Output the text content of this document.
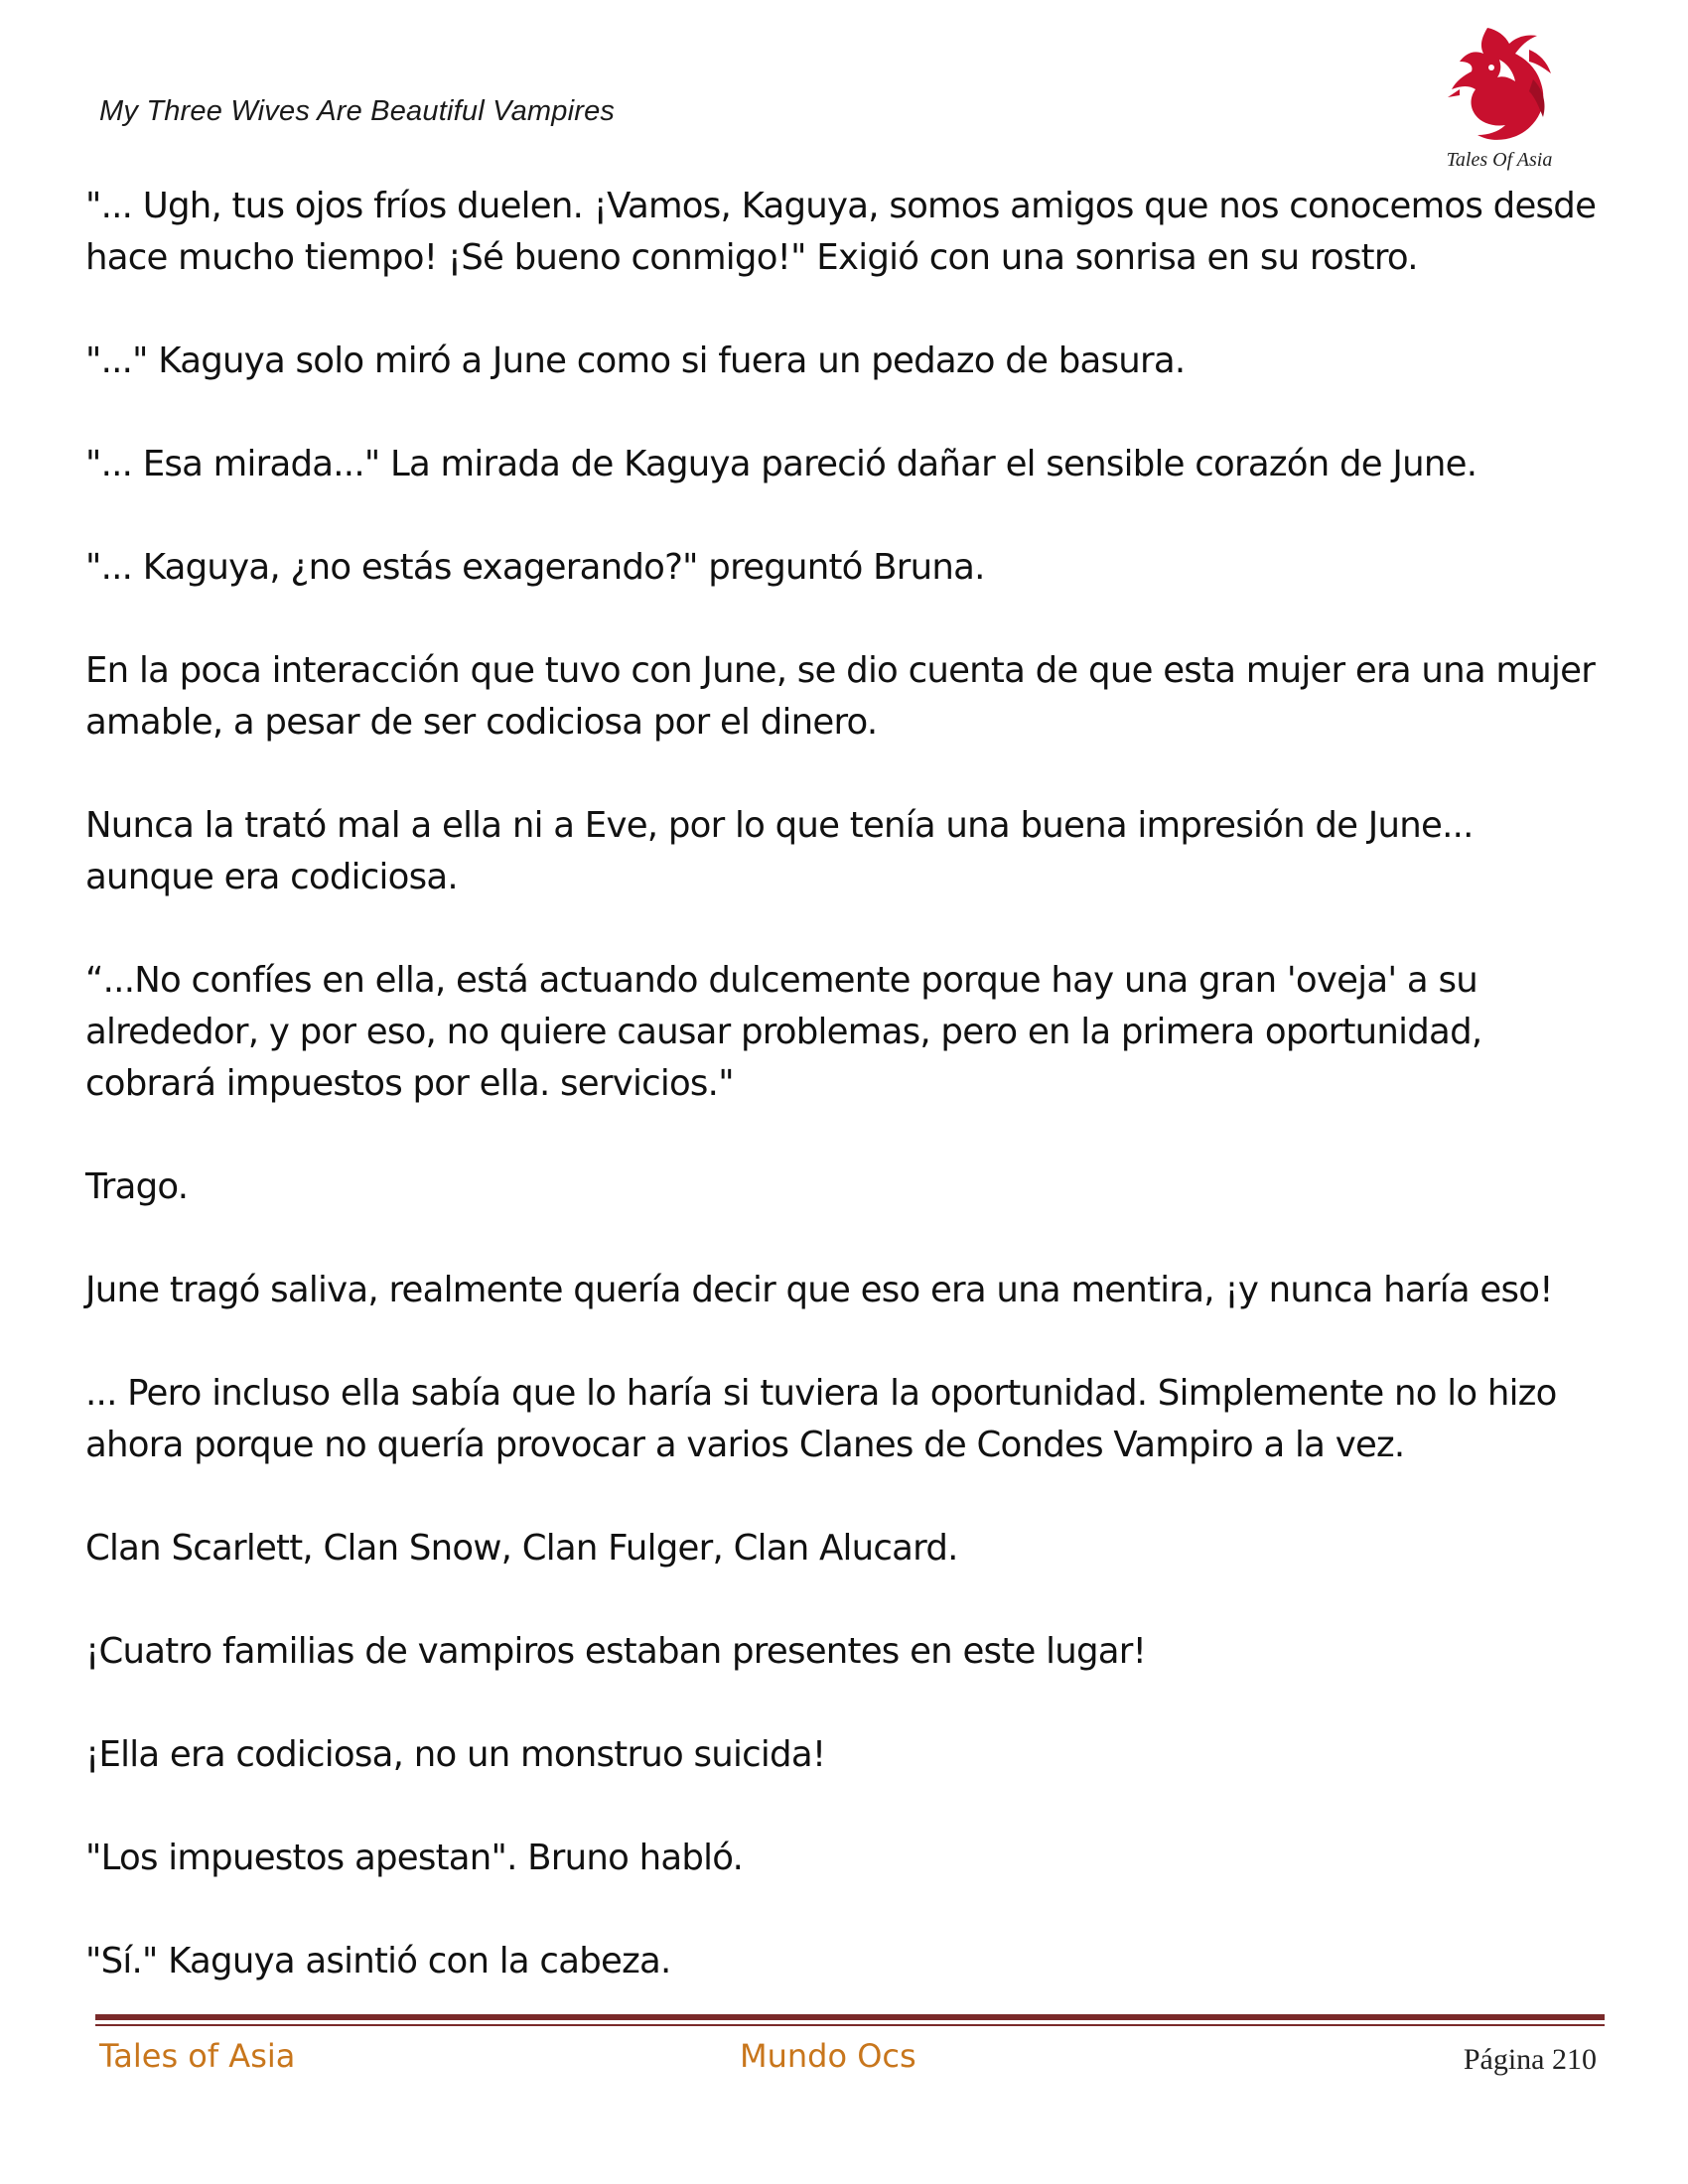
My Three Wives Are Beautiful Vampires
Tales Of Asia

"... Ugh, tus ojos fríos duelen. ¡Vamos, Kaguya, somos amigos que nos conocemos desde hace mucho tiempo! ¡Sé bueno conmigo!" Exigió con una sonrisa en su rostro.

"..." Kaguya solo miró a June como si fuera un pedazo de basura.

"... Esa mirada..." La mirada de Kaguya pareció dañar el sensible corazón de June.

"... Kaguya, ¿no estás exagerando?" preguntó Bruna.

En la poca interacción que tuvo con June, se dio cuenta de que esta mujer era una mujer amable, a pesar de ser codiciosa por el dinero.

Nunca la trató mal a ella ni a Eve, por lo que tenía una buena impresión de June... aunque era codiciosa.

“...No confíes en ella, está actuando dulcemente porque hay una gran 'oveja' a su alrededor, y por eso, no quiere causar problemas, pero en la primera oportunidad, cobrará impuestos por ella. servicios."

Trago.

June tragó saliva, realmente quería decir que eso era una mentira, ¡y nunca haría eso!

... Pero incluso ella sabía que lo haría si tuviera la oportunidad. Simplemente no lo hizo ahora porque no quería provocar a varios Clanes de Condes Vampiro a la vez.

Clan Scarlett, Clan Snow, Clan Fulger, Clan Alucard.

¡Cuatro familias de vampiros estaban presentes en este lugar!

¡Ella era codiciosa, no un monstruo suicida!

"Los impuestos apestan". Bruno habló.

"Sí." Kaguya asintió con la cabeza.

Tales of Asia	Mundo Ocs	Página 210
